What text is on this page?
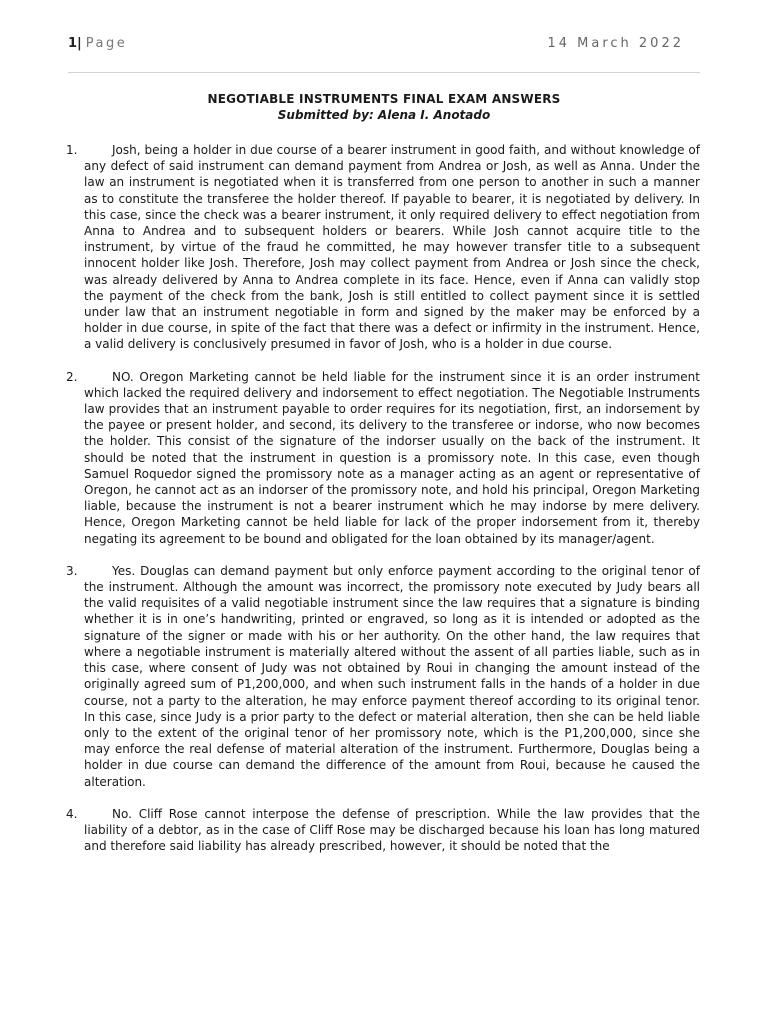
1| Page	14 March 2022
NEGOTIABLE INSTRUMENTS FINAL EXAM ANSWERS
Submitted by: Alena I. Anotado
1.	Josh, being a holder in due course of a bearer instrument in good faith, and without knowledge of any defect of said instrument can demand payment from Andrea or Josh, as well as Anna. Under the law an instrument is negotiated when it is transferred from one person to another in such a manner as to constitute the transferee the holder thereof. If payable to bearer, it is negotiated by delivery. In this case, since the check was a bearer instrument, it only required delivery to effect negotiation from Anna to Andrea and to subsequent holders or bearers. While Josh cannot acquire title to the instrument, by virtue of the fraud he committed, he may however transfer title to a subsequent innocent holder like Josh. Therefore, Josh may collect payment from Andrea or Josh since the check, was already delivered by Anna to Andrea complete in its face. Hence, even if Anna can validly stop the payment of the check from the bank, Josh is still entitled to collect payment since it is settled under law that an instrument negotiable in form and signed by the maker may be enforced by a holder in due course, in spite of the fact that there was a defect or infirmity in the instrument. Hence, a valid delivery is conclusively presumed in favor of Josh, who is a holder in due course.
2.	NO. Oregon Marketing cannot be held liable for the instrument since it is an order instrument which lacked the required delivery and indorsement to effect negotiation. The Negotiable Instruments law provides that an instrument payable to order requires for its negotiation, first, an indorsement by the payee or present holder, and second, its delivery to the transferee or indorse, who now becomes the holder. This consist of the signature of the indorser usually on the back of the instrument. It should be noted that the instrument in question is a promissory note. In this case, even though Samuel Roquedor signed the promissory note as a manager acting as an agent or representative of Oregon, he cannot act as an indorser of the promissory note, and hold his principal, Oregon Marketing liable, because the instrument is not a bearer instrument which he may indorse by mere delivery. Hence, Oregon Marketing cannot be held liable for lack of the proper indorsement from it, thereby negating its agreement to be bound and obligated for the loan obtained by its manager/agent.
3.	Yes. Douglas can demand payment but only enforce payment according to the original tenor of the instrument. Although the amount was incorrect, the promissory note executed by Judy bears all the valid requisites of a valid negotiable instrument since the law requires that a signature is binding whether it is in one’s handwriting, printed or engraved, so long as it is intended or adopted as the signature of the signer or made with his or her authority. On the other hand, the law requires that where a negotiable instrument is materially altered without the assent of all parties liable, such as in this case, where consent of Judy was not obtained by Roui in changing the amount instead of the originally agreed sum of P1,200,000, and when such instrument falls in the hands of a holder in due course, not a party to the alteration, he may enforce payment thereof according to its original tenor. In this case, since Judy is a prior party to the defect or material alteration, then she can be held liable only to the extent of the original tenor of her promissory note, which is the P1,200,000, since she may enforce the real defense of material alteration of the instrument. Furthermore, Douglas being a holder in due course can demand the difference of the amount from Roui, because he caused the alteration.
4.	No. Cliff Rose cannot interpose the defense of prescription. While the law provides that the liability of a debtor, as in the case of Cliff Rose may be discharged because his loan has long matured and therefore said liability has already prescribed, however, it should be noted that the
